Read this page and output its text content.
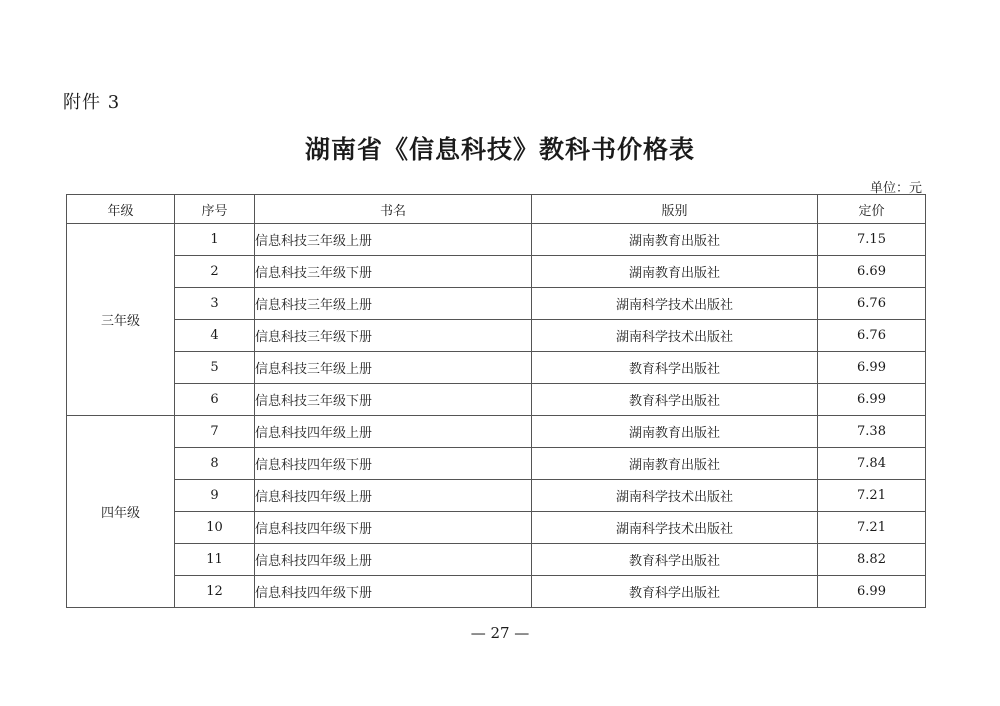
附件 3
湖南省《信息科技》教科书价格表
单位：元
年级	序号	书名	版别	定价
三年级	1	信息科技三年级上册	湖南教育出版社	7.15
	2	信息科技三年级下册	湖南教育出版社	6.69
	3	信息科技三年级上册	湖南科学技术出版社	6.76
	4	信息科技三年级下册	湖南科学技术出版社	6.76
	5	信息科技三年级上册	教育科学出版社	6.99
	6	信息科技三年级下册	教育科学出版社	6.99
四年级	7	信息科技四年级上册	湖南教育出版社	7.38
	8	信息科技四年级下册	湖南教育出版社	7.84
	9	信息科技四年级上册	湖南科学技术出版社	7.21
	10	信息科技四年级下册	湖南科学技术出版社	7.21
	11	信息科技四年级上册	教育科学出版社	8.82
	12	信息科技四年级下册	教育科学出版社	6.99
— 27 —
